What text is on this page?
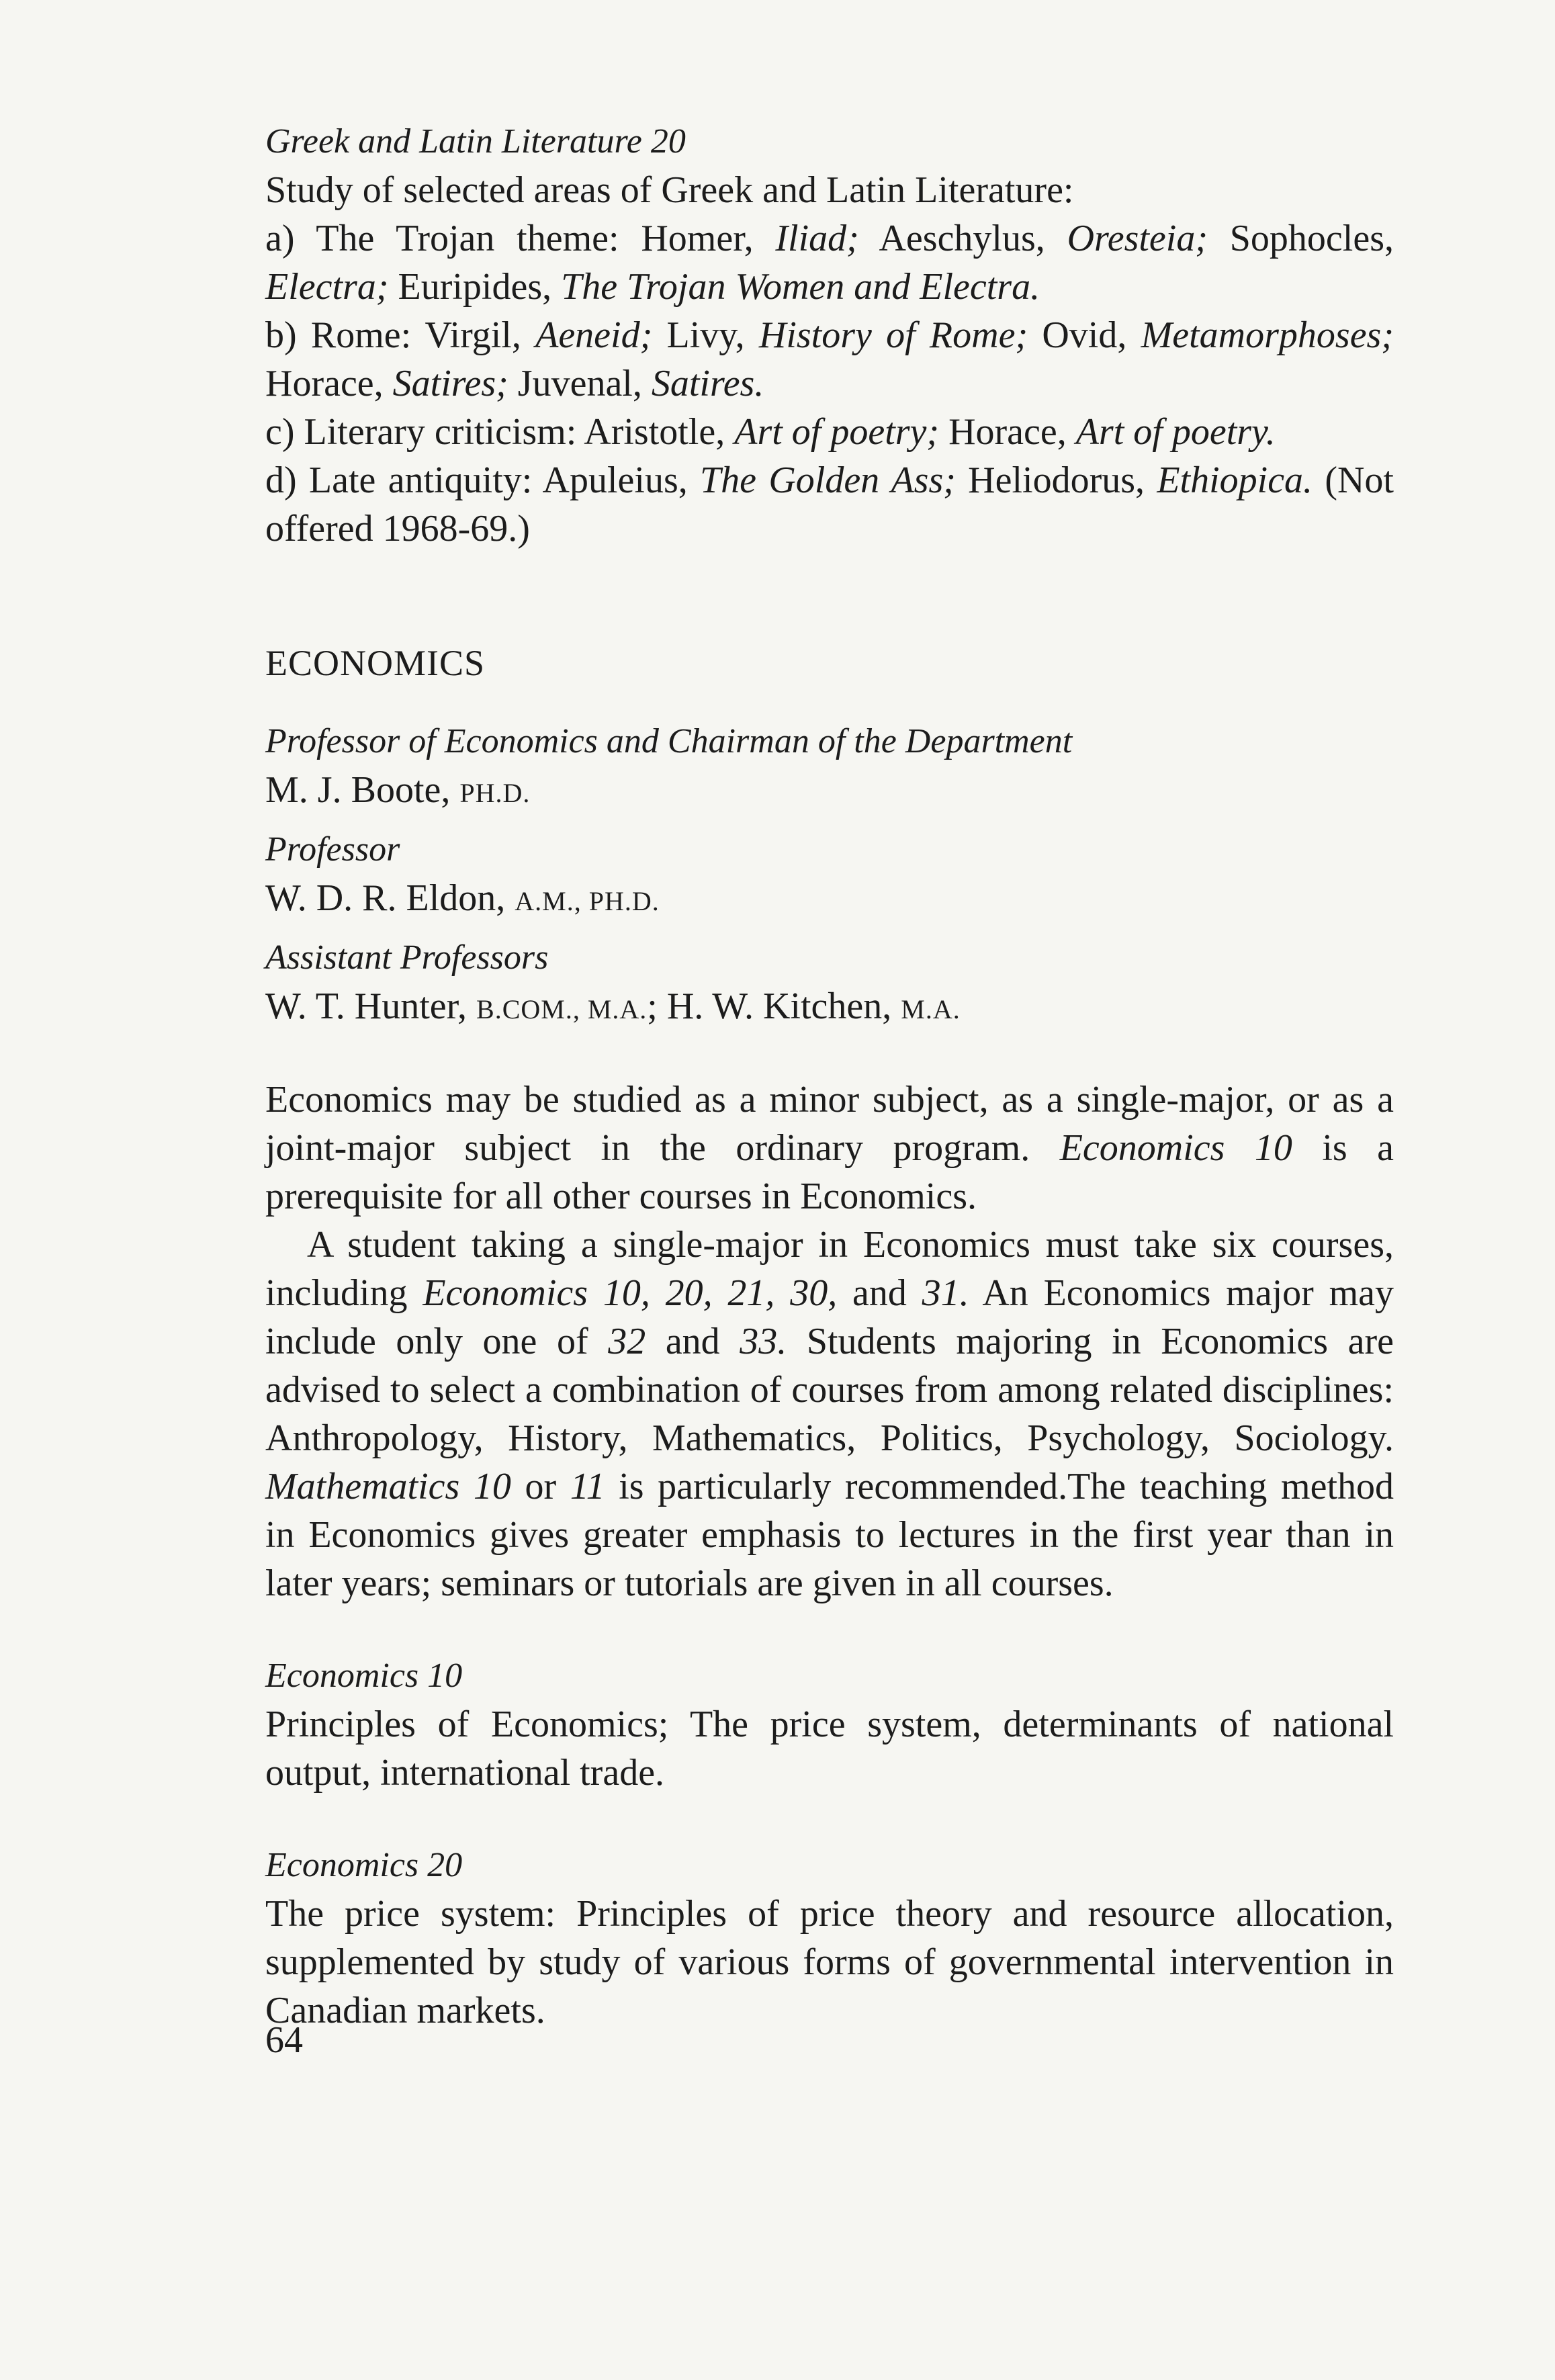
Greek and Latin Literature 20

Study of selected areas of Greek and Latin Literature:

a) The Trojan theme: Homer, Iliad; Aeschylus, Oresteia; Sophocles, Electra; Euripides, The Trojan Women and Electra.

b) Rome: Virgil, Aeneid; Livy, History of Rome; Ovid, Metamorphoses; Horace, Satires; Juvenal, Satires.

c) Literary criticism: Aristotle, Art of poetry; Horace, Art of poetry.

d) Late antiquity: Apuleius, The Golden Ass; Heliodorus, Ethiopica. (Not offered 1968-69.)

ECONOMICS

Professor of Economics and Chairman of the Department

M. J. Boote, PH.D.

Professor

W. D. R. Eldon, A.M., PH.D.

Assistant Professors

W. T. Hunter, B.COM., M.A.; H. W. Kitchen, M.A.

Economics may be studied as a minor subject, as a single-major, or as a joint-major subject in the ordinary program. Economics 10 is a prerequisite for all other courses in Economics.

A student taking a single-major in Economics must take six courses, including Economics 10, 20, 21, 30, and 31. An Economics major may include only one of 32 and 33. Students majoring in Economics are advised to select a combination of courses from among related disciplines: Anthropology, History, Mathematics, Politics, Psychology, Sociology. Mathematics 10 or 11 is particularly recommended.The teaching method in Economics gives greater emphasis to lectures in the first year than in later years; seminars or tutorials are given in all courses.

Economics 10

Principles of Economics; The price system, determinants of national output, international trade.

Economics 20

The price system: Principles of price theory and resource allocation, supplemented by study of various forms of governmental intervention in Canadian markets.

64
